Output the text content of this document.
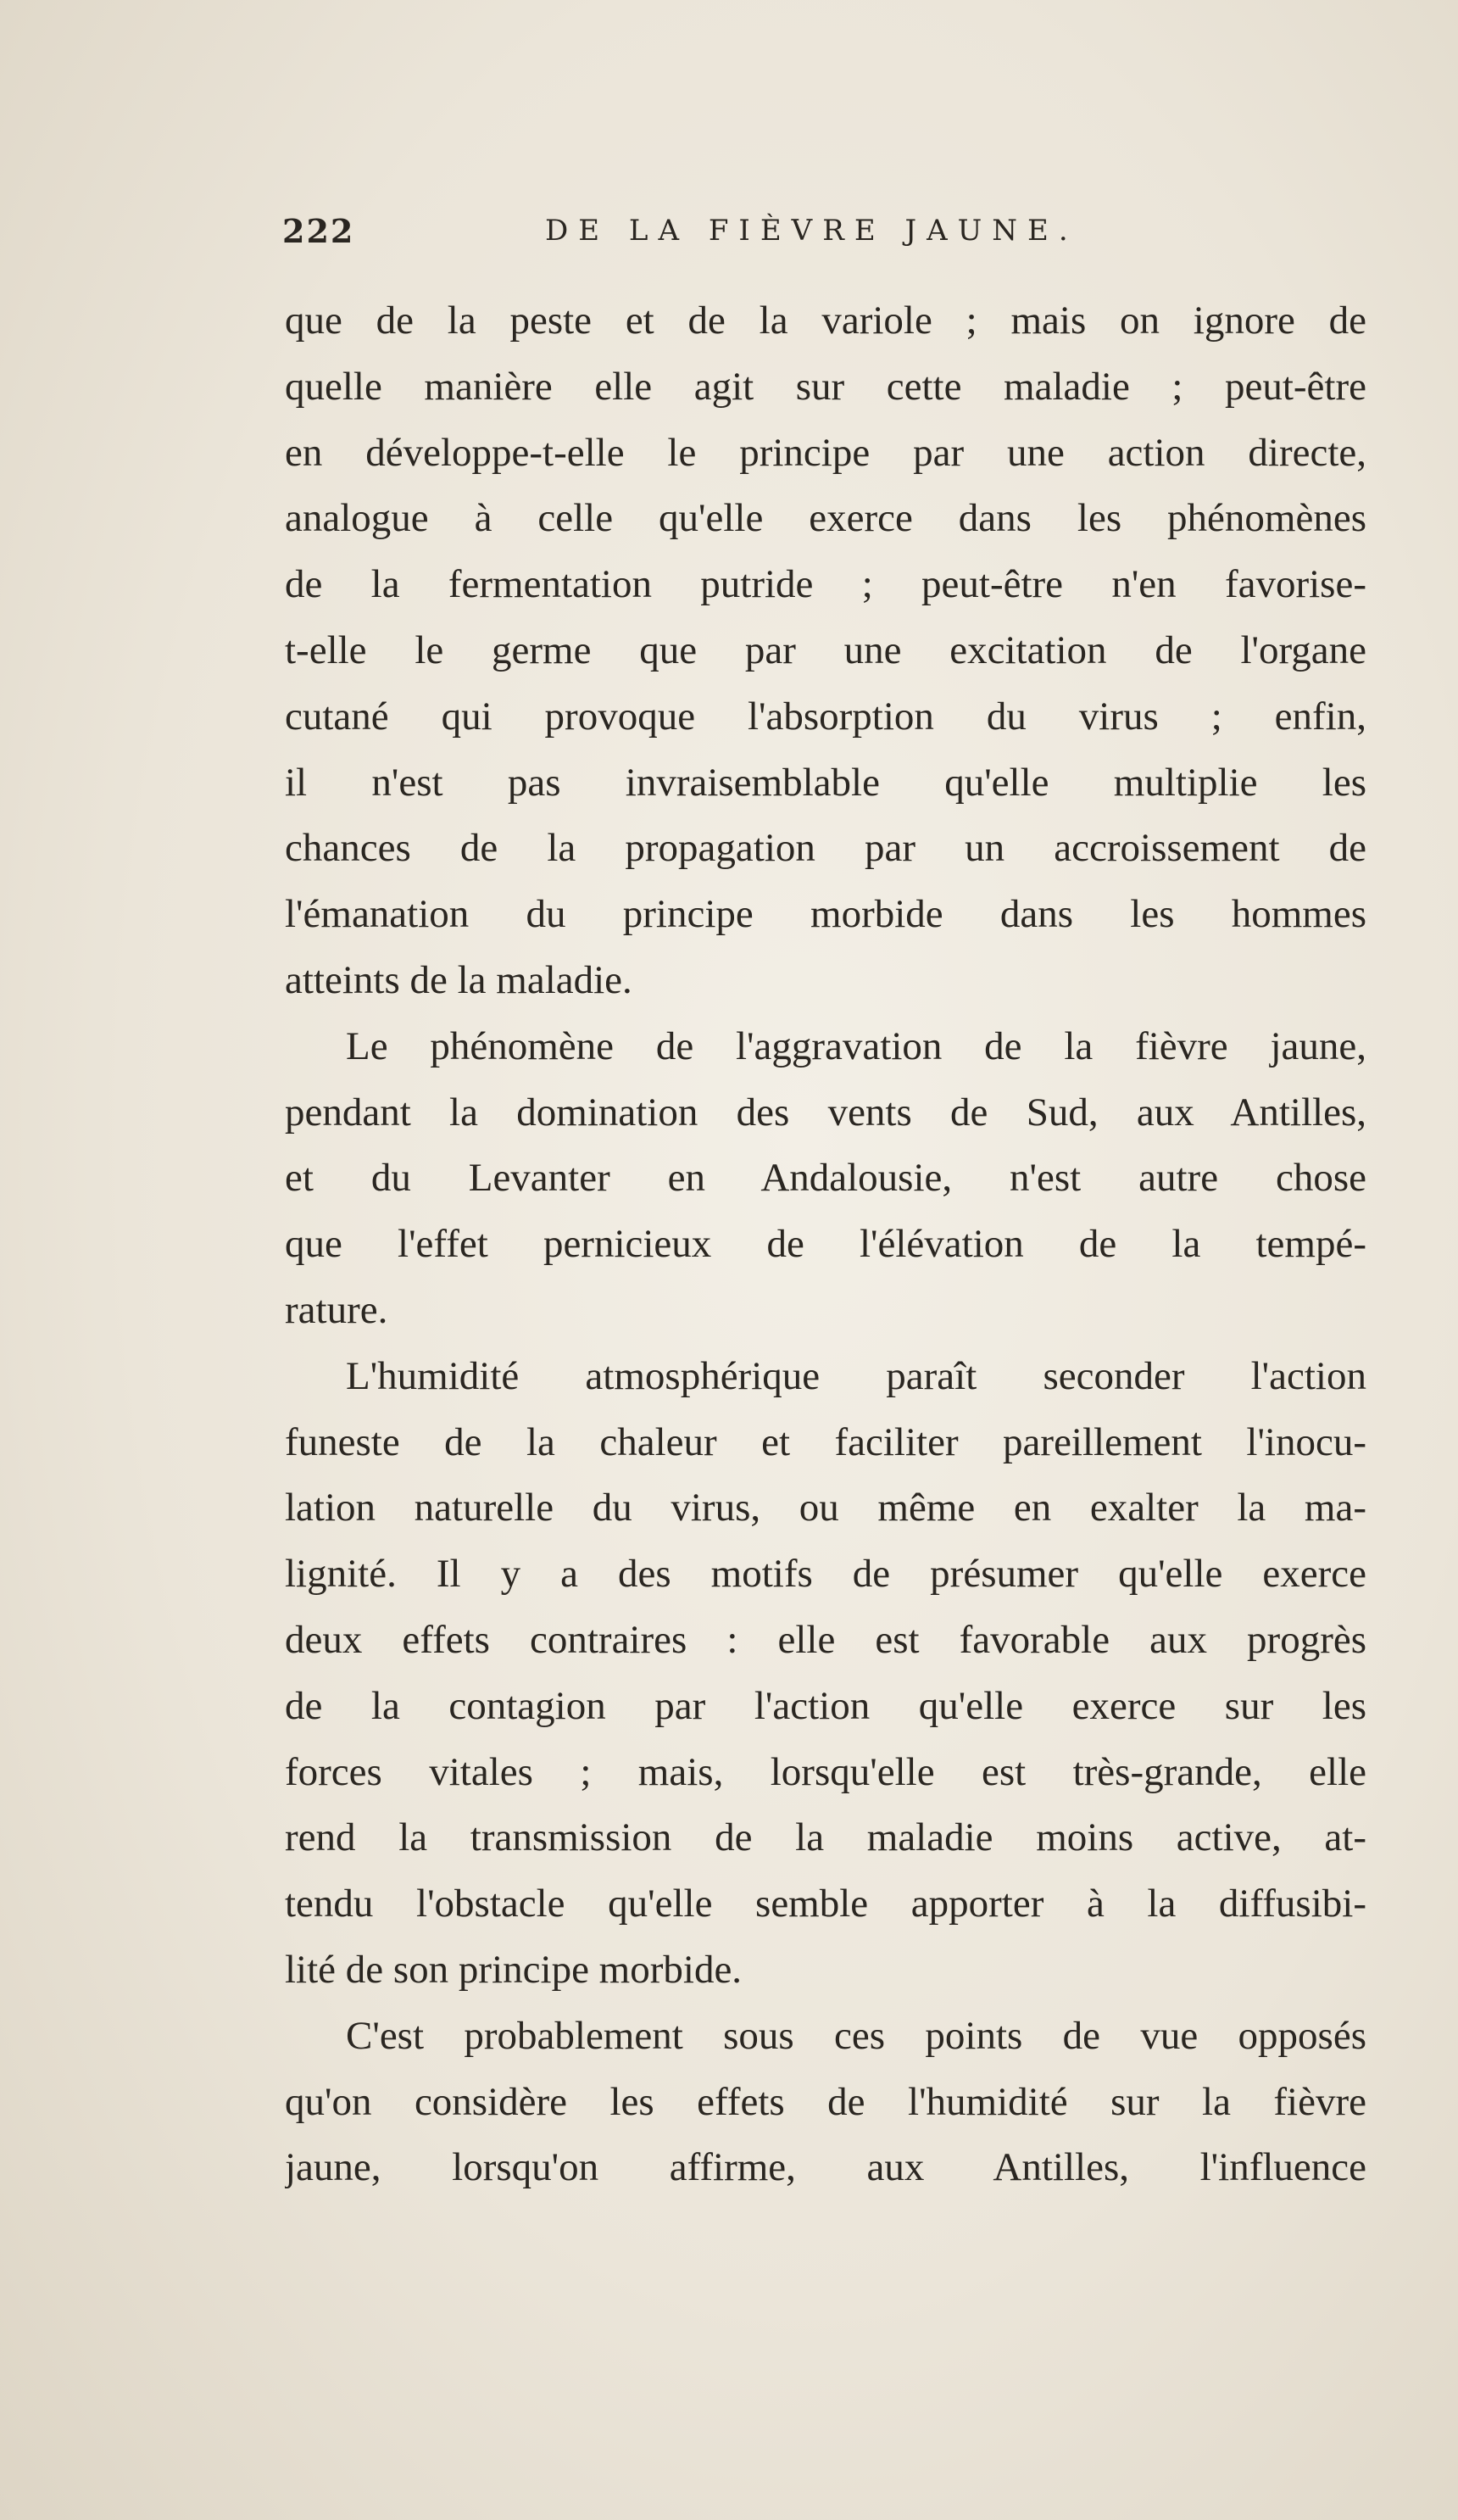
222	DE LA FIÈVRE JAUNE.
que de la peste et de la variole ; mais on ignore de
quelle manière elle agit sur cette maladie ; peut-être
en développe-t-elle le principe par une action directe,
analogue à celle qu'elle exerce dans les phénomènes
de la fermentation putride ; peut-être n'en favorise-
t-elle le germe que par une excitation de l'organe
cutané qui provoque l'absorption du virus ; enfin,
il n'est pas invraisemblable qu'elle multiplie les
chances de la propagation par un accroissement de
l'émanation du principe morbide dans les hommes
atteints de la maladie.
Le phénomène de l'aggravation de la fièvre jaune,
pendant la domination des vents de Sud, aux Antilles,
et du Levanter en Andalousie, n'est autre chose
que l'effet pernicieux de l'élévation de la tempé-
rature.
L'humidité atmosphérique paraît seconder l'action
funeste de la chaleur et faciliter pareillement l'inocu-
lation naturelle du virus, ou même en exalter la ma-
lignité. Il y a des motifs de présumer qu'elle exerce
deux effets contraires : elle est favorable aux progrès
de la contagion par l'action qu'elle exerce sur les
forces vitales ; mais, lorsqu'elle est très-grande, elle
rend la transmission de la maladie moins active, at-
tendu l'obstacle qu'elle semble apporter à la diffusibi-
lité de son principe morbide.
C'est probablement sous ces points de vue opposés
qu'on considère les effets de l'humidité sur la fièvre
jaune, lorsqu'on affirme, aux Antilles, l'influence
